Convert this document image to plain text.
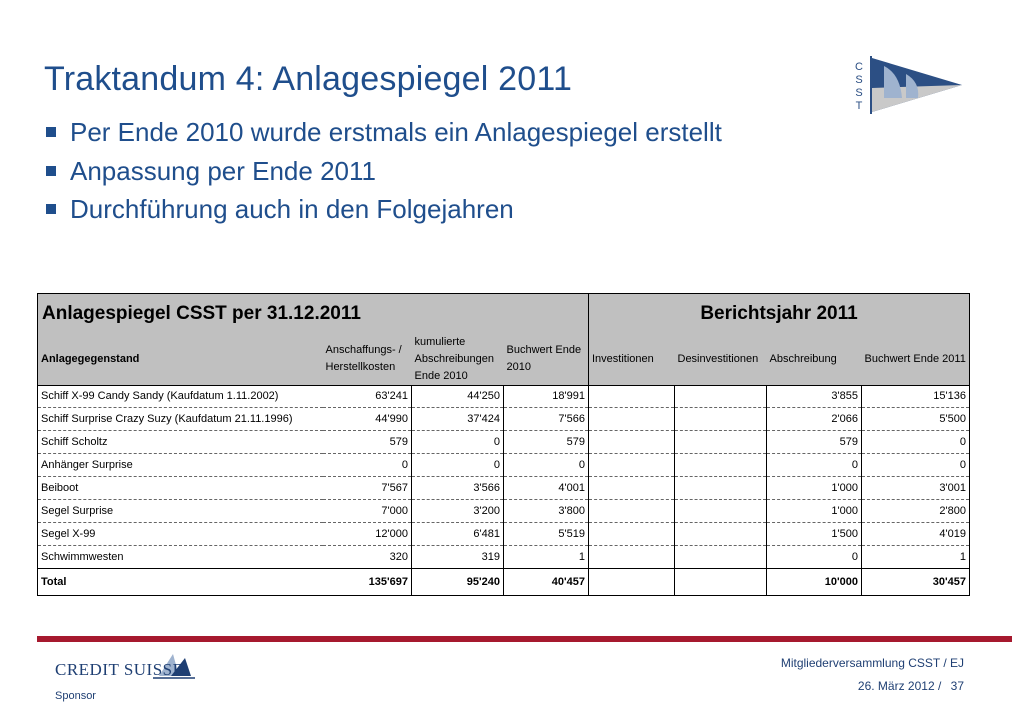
Traktandum 4: Anlagespiegel 2011
Per Ende 2010 wurde erstmals ein Anlagespiegel erstellt
Anpassung per Ende 2011
Durchführung auch in den Folgejahren
C
S
S
T
Anlagespiegel CSST per 31.12.2011				Berichtsjahr 2011			
Anlagegegenstand	Anschaffungs- / Herstellkosten	kumulierte Abschreibungen Ende 2010	Buchwert Ende 2010	Investitionen	Desinvestitionen	Abschreibung	Buchwert Ende 2011
Schiff X-99 Candy Sandy (Kaufdatum 1.11.2002)	63'241	44'250	18'991			3'855	15'136
Schiff Surprise Crazy Suzy (Kaufdatum 21.11.1996)	44'990	37'424	7'566			2'066	5'500
Schiff Scholtz	579	0	579			579	0
Anhänger Surprise	0	0	0			0	0
Beiboot	7'567	3'566	4'001			1'000	3'001
Segel Surprise	7'000	3'200	3'800			1'000	2'800
Segel X-99	12'000	6'481	5'519			1'500	4'019
Schwimmwesten	320	319	1			0	1
Total	135'697	95'240	40'457			10'000	30'457
CREDIT SUISSE
Sponsor
Mitgliederversammlung CSST / EJ
26. März 2012 / 37
